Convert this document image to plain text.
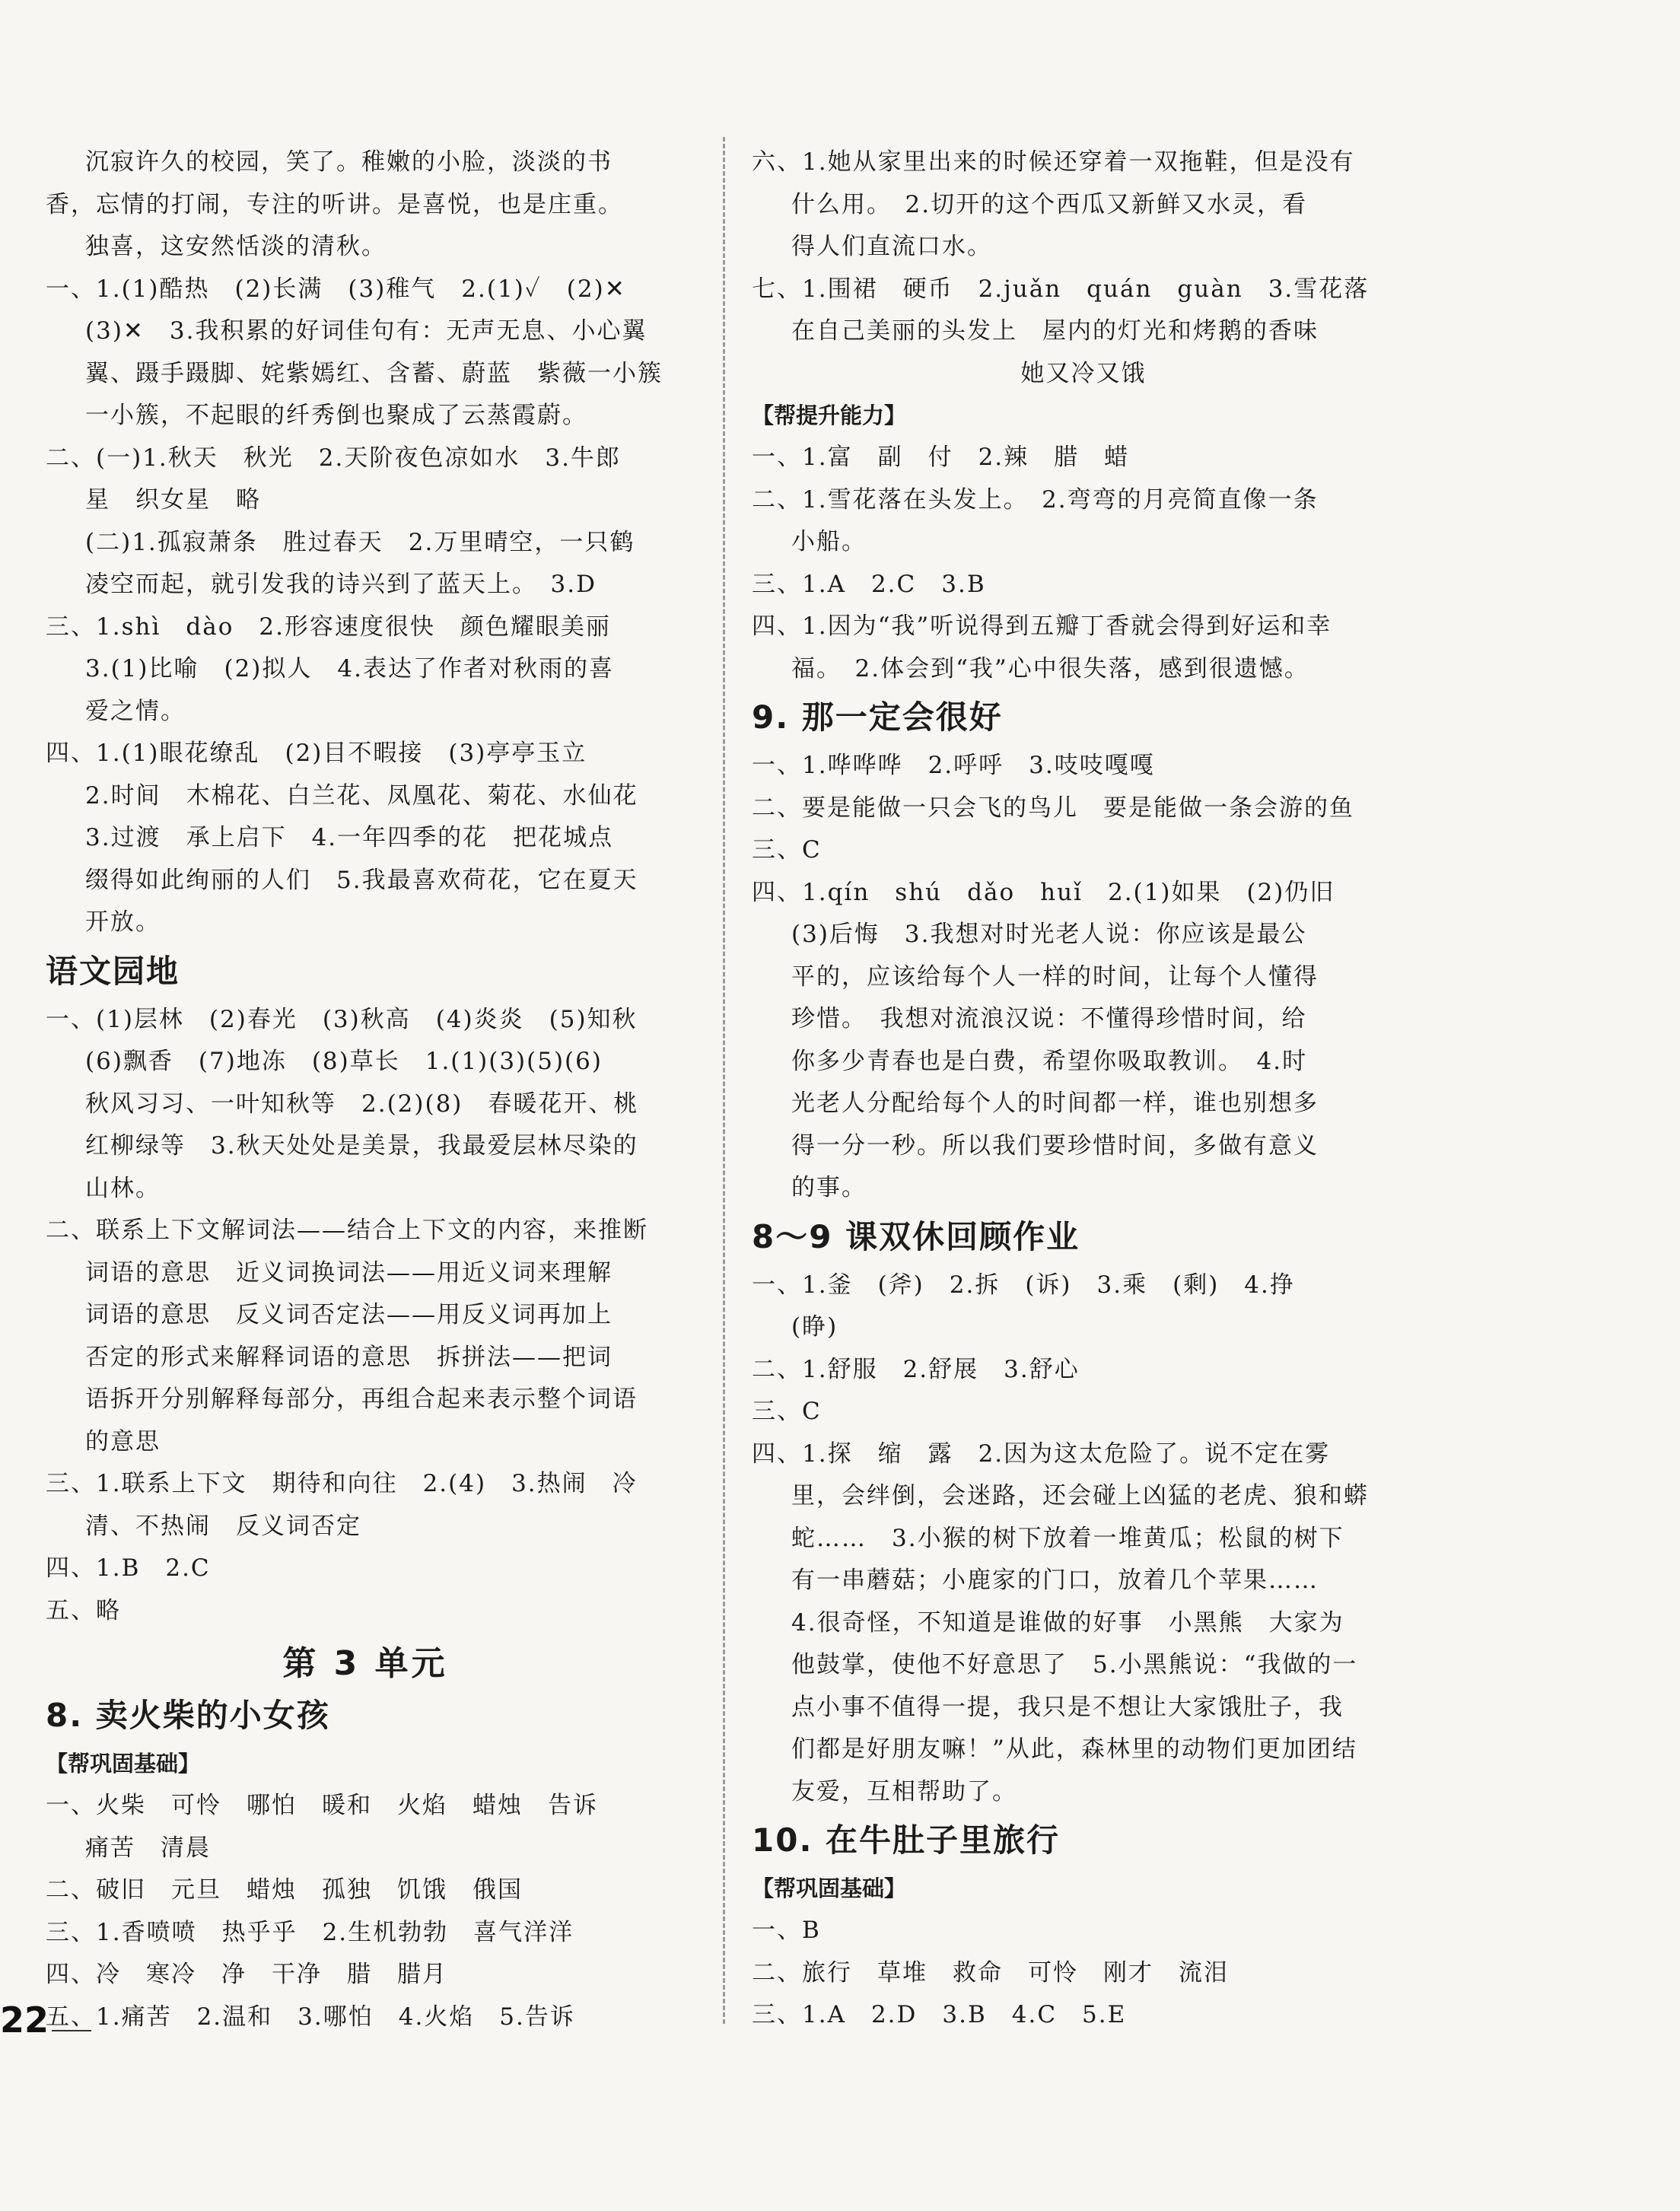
沉寂许久的校园，笑了。稚嫩的小脸，淡淡的书
香，忘情的打闹，专注的听讲。是喜悦，也是庄重。
独喜，这安然恬淡的清秋。
一、1.(1)酷热　(2)长满　(3)稚气　2.(1)✓　(2)✕
(3)✕　3.我积累的好词佳句有：无声无息、小心翼
翼、蹑手蹑脚、姹紫嫣红、含蓄、蔚蓝　紫薇一小簇
一小簇，不起眼的纤秀倒也聚成了云蒸霞蔚。
二、(一)1.秋天　秋光　2.天阶夜色凉如水　3.牛郎
星　织女星　略
(二)1.孤寂萧条　胜过春天　2.万里晴空，一只鹤
凌空而起，就引发我的诗兴到了蓝天上。　3.D
三、1.shì　dào　2.形容速度很快　颜色耀眼美丽
3.(1)比喻　(2)拟人　4.表达了作者对秋雨的喜
爱之情。
四、1.(1)眼花缭乱　(2)目不暇接　(3)亭亭玉立
2.时间　木棉花、白兰花、凤凰花、菊花、水仙花
3.过渡　承上启下　4.一年四季的花　把花城点
缀得如此绚丽的人们　5.我最喜欢荷花，它在夏天
开放。
语文园地
一、(1)层林　(2)春光　(3)秋高　(4)炎炎　(5)知秋
(6)飘香　(7)地冻　(8)草长　1.(1)(3)(5)(6)
秋风习习、一叶知秋等　2.(2)(8)　春暖花开、桃
红柳绿等　3.秋天处处是美景，我最爱层林尽染的
山林。
二、联系上下文解词法——结合上下文的内容，来推断
词语的意思　近义词换词法——用近义词来理解
词语的意思　反义词否定法——用反义词再加上
否定的形式来解释词语的意思　拆拼法——把词
语拆开分别解释每部分，再组合起来表示整个词语
的意思
三、1.联系上下文　期待和向往　2.(4)　3.热闹　冷
清、不热闹　反义词否定
四、1.B　2.C
五、略
第 3 单元
8. 卖火柴的小女孩
【帮巩固基础】
一、火柴　可怜　哪怕　暖和　火焰　蜡烛　告诉
痛苦　清晨
二、破旧　元旦　蜡烛　孤独　饥饿　俄国
三、1.香喷喷　热乎乎　2.生机勃勃　喜气洋洋
四、冷　寒冷　净　干净　腊　腊月
五、1.痛苦　2.温和　3.哪怕　4.火焰　5.告诉
六、1.她从家里出来的时候还穿着一双拖鞋，但是没有
什么用。　2.切开的这个西瓜又新鲜又水灵，看
得人们直流口水。
七、1.围裙　硬币　2.juǎn　quán　guàn　3.雪花落
在自己美丽的头发上　屋内的灯光和烤鹅的香味
她又冷又饿
【帮提升能力】
一、1.富　副　付　2.辣　腊　蜡
二、1.雪花落在头发上。　2.弯弯的月亮简直像一条
小船。
三、1.A　2.C　3.B
四、1.因为“我”听说得到五瓣丁香就会得到好运和幸
福。　2.体会到“我”心中很失落，感到很遗憾。
9. 那一定会很好
一、1.哗哗哗　2.呼呼　3.吱吱嘎嘎
二、要是能做一只会飞的鸟儿　要是能做一条会游的鱼
三、C
四、1.qín　shú　dǎo　huǐ　2.(1)如果　(2)仍旧
(3)后悔　3.我想对时光老人说：你应该是最公
平的，应该给每个人一样的时间，让每个人懂得
珍惜。　我想对流浪汉说：不懂得珍惜时间，给
你多少青春也是白费，希望你吸取教训。　4.时
光老人分配给每个人的时间都一样，谁也别想多
得一分一秒。所以我们要珍惜时间，多做有意义
的事。
8～9 课双休回顾作业
一、1.釜　(斧)　2.拆　(诉)　3.乘　(剩)　4.挣
(睁)
二、1.舒服　2.舒展　3.舒心
三、C
四、1.探　缩　露　2.因为这太危险了。说不定在雾
里，会绊倒，会迷路，还会碰上凶猛的老虎、狼和蟒
蛇……　3.小猴的树下放着一堆黄瓜；松鼠的树下
有一串蘑菇；小鹿家的门口，放着几个苹果……
4.很奇怪，不知道是谁做的好事　小黑熊　大家为
他鼓掌，使他不好意思了　5.小黑熊说：“我做的一
点小事不值得一提，我只是不想让大家饿肚子，我
们都是好朋友嘛！”从此，森林里的动物们更加团结
友爱，互相帮助了。
10. 在牛肚子里旅行
【帮巩固基础】
一、B
二、旅行　草堆　救命　可怜　刚才　流泪
三、1.A　2.D　3.B　4.C　5.E
22
